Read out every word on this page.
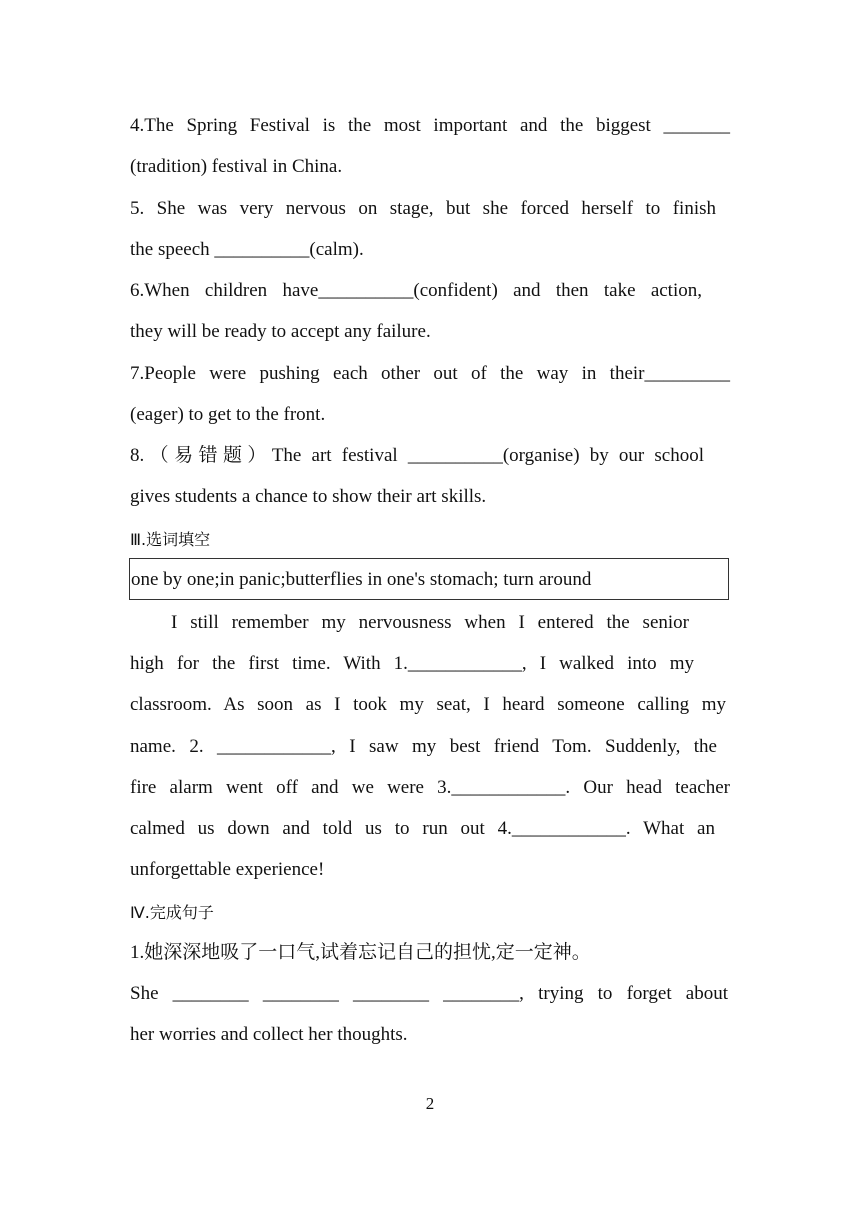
4.The Spring Festival is the most important and the biggest _______
(tradition) festival in China.
5. She was very nervous on stage, but she forced herself to finish
the speech __________(calm).
6.When children have__________(confident) and then take action,
they will be ready to accept any failure.
7.People were pushing each other out of the way in their_________
(eager) to get to the front.
8.（易错题）The art festival __________(organise) by our school
gives students a chance to show their art skills.
Ⅲ.选词填空
one by one;in panic;butterflies in one's stomach; turn around
I still remember my nervousness when I entered the senior
high for the first time. With 1.____________, I walked into my
classroom. As soon as I took my seat, I heard someone calling my
name. 2. ____________, I saw my best friend Tom. Suddenly, the
fire alarm went off and we were 3.____________. Our head teacher
calmed us down and told us to run out 4.____________. What an
unforgettable experience!
Ⅳ.完成句子
1.她深深地吸了一口气,试着忘记自己的担忧,定一定神。
She ________ ________ ________ ________, trying to forget about
her worries and collect her thoughts.
2
